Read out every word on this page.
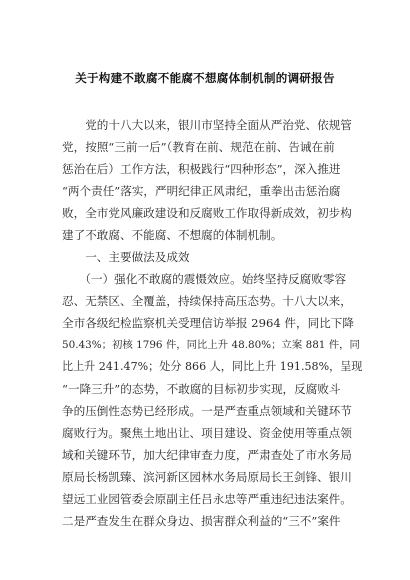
关于构建不敢腐不能腐不想腐体制机制的调研报告
　　党的十八大以来，银川市坚持全面从严治党、依规管
党，按照“三前一后”（教育在前、规范在前、告诫在前
惩治在后）工作方法，积极践行“四种形态”，深入推进
“两个责任”落实，严明纪律正风肃纪，重拳出击惩治腐
败，全市党风廉政建设和反腐败工作取得新成效，初步构
建了不敢腐、不能腐、不想腐的体制机制。
　　一、主要做法及成效
　　（一）强化不敢腐的震慑效应。始终坚持反腐败零容
忍、无禁区、全覆盖，持续保持高压态势。十八大以来，
全市各级纪检监察机关受理信访举报 2964 件，同比下降
50.43%；初核 1796 件，同比上升 48.80%；立案 881 件，同
比上升 241.47%；处分 866 人，同比上升 191.58%，呈现
“一降三升”的态势，不敢腐的目标初步实现，反腐败斗
争的压倒性态势已经形成。一是严查重点领域和关键环节
腐败行为。聚焦土地出让、项目建设、资金使用等重点领
域和关键环节，加大纪律审查力度，严肃查处了市水务局
原局长杨凯臻、滨河新区园林水务局原局长王剑锋、银川
望远工业园管委会原副主任吕永忠等严重违纪违法案件。
二是严查发生在群众身边、损害群众利益的“三不”案件
